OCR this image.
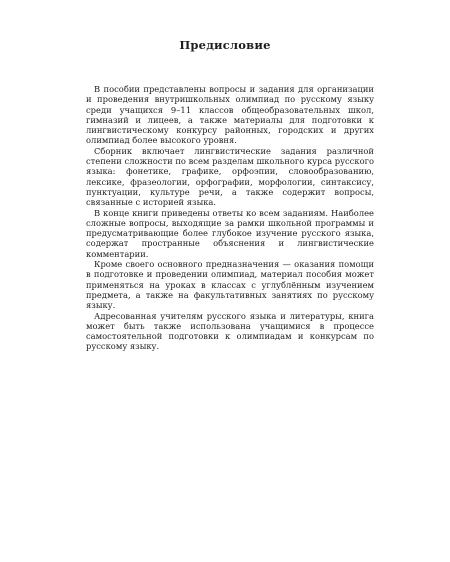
Предисловие

В пособии представлены вопросы и задания для организации и проведения внутришкольных олимпиад по русскому языку среди учащихся 9–11 классов общеобразовательных школ, гимназий и лицеев, а также материалы для подготовки к лингвистическому конкурсу районных, городских и других олимпиад более высокого уровня.

Сборник включает лингвистические задания различной степени сложности по всем разделам школьного курса русского языка: фонетике, графике, орфоэпии, словообразованию, лексике, фразеологии, орфографии, морфологии, синтаксису, пунктуации, культуре речи, а также содержит вопросы, связанные с историей языка.

В конце книги приведены ответы ко всем заданиям. Наиболее сложные вопросы, выходящие за рамки школьной программы и предусматривающие более глубокое изучение русского языка, содержат пространные объяснения и лингвистические комментарии.

Кроме своего основного предназначения — оказания помощи в подготовке и проведении олимпиад, материал пособия может применяться на уроках в классах с углублённым изучением предмета, а также на факультативных занятиях по русскому языку.

Адресованная учителям русского языка и литературы, книга может быть также использована учащимися в процессе самостоятельной подготовки к олимпиадам и конкурсам по русскому языку.
